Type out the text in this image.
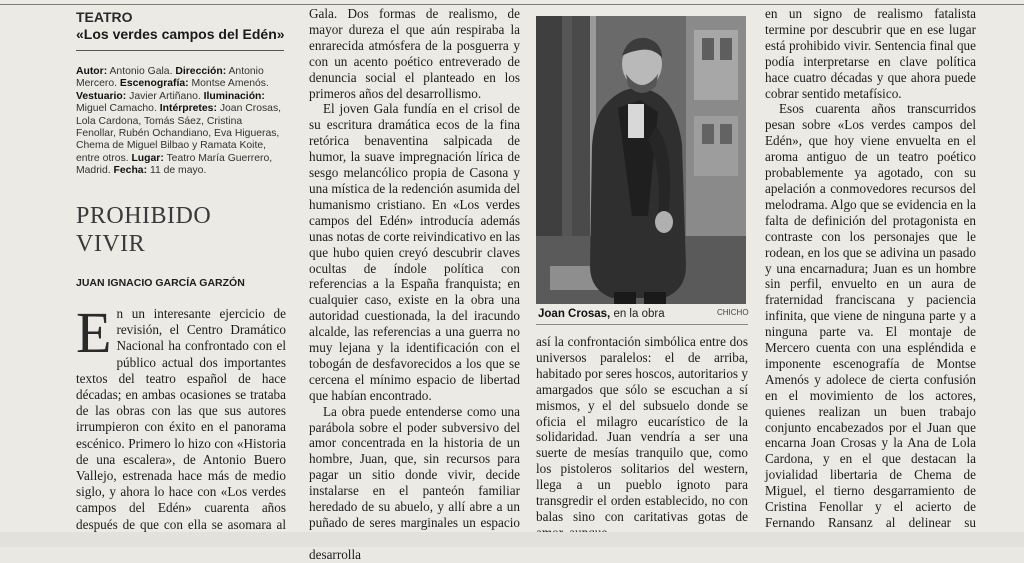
TEATRO
«Los verdes campos del Edén»
Autor: Antonio Gala. Dirección: Antonio Mercero. Escenografía: Montse Amenós. Vestuario: Javier Artiñano. Iluminación: Miguel Camacho. Intérpretes: Joan Crosas, Lola Cardona, Tomás Sáez, Cristina Fenollar, Rubén Ochandiano, Eva Higueras, Chema de Miguel Bilbao y Ramata Koite, entre otros. Lugar: Teatro María Guerrero, Madrid. Fecha: 11 de mayo.
PROHIBIDO VIVIR
JUAN IGNACIO GARCÍA GARZÓN
En un interesante ejercicio de revisión, el Centro Dramático Nacional ha confrontado con el público actual dos importantes textos del teatro español de hace décadas; en ambas ocasiones se trataba de las obras con las que sus autores irrumpieron con éxito en el panorama escénico. Primero lo hizo con «Historia de una escalera», de Antonio Buero Vallejo, estrenada hace más de medio siglo, y ahora lo hace con «Los verdes campos del Edén» cuarenta años después de que con ella se asomara al

Gala. Dos formas de realismo, de mayor dureza el que aún respiraba la enrarecida atmósfera de la posguerra y con un acento poético entreverado de denuncia social el planteado en los primeros años del desarrollismo.

El joven Gala fundía en el crisol de su escritura dramática ecos de la fina retórica benaventina salpicada de humor, la suave impregnación lírica de sesgo melancólico propia de Casona y una mística de la redención asumida del humanismo cristiano. En «Los verdes campos del Edén» introducía además unas notas de corte reivindicativo en las que hubo quien creyó descubrir claves ocultas de índole política con referencias a la España franquista; en cualquier caso, existe en la obra una autoridad cuestionada, la del iracundo alcalde, las referencias a una guerra no muy lejana y la identificación con el tobogán de desfavorecidos a los que se cercena el mínimo espacio de libertad que habían encontrado.

La obra puede entenderse como una parábola sobre el poder subversivo del amor concentrada en la historia de un hombre, Juan, que, sin recursos para pagar un sitio donde vivir, decide instalarse en el panteón familiar heredado de su abuelo, y allí abre a un puñado de seres marginales un espacio desarrolla

Joan Crosas, en la obra	CHICHO

así la confrontación simbólica entre dos universos paralelos: el de arriba, habitado por seres hoscos, autoritarios y amargados que sólo se escuchan a sí mismos, y el del subsuelo donde se oficia el milagro eucarístico de la solidaridad. Juan vendría a ser una suerte de mesías tranquilo que, como los pistoleros solitarios del western, llega a un pueblo ignoto para transgredir el orden establecido, no con balas sino con caritativas gotas de

en un signo de realismo fatalista termine por descubrir que en ese lugar está prohibido vivir. Sentencia final que podía interpretarse en clave política hace cuatro décadas y que ahora puede cobrar sentido metafísico.

Esos cuarenta años transcurridos pesan sobre «Los verdes campos del Edén», que hoy viene envuelta en el aroma antiguo de un teatro poético probablemente ya agotado, con su apelación a conmovedores recursos del melodrama. Algo que se evidencia en la falta de definición del protagonista en contraste con los personajes que le rodean, en los que se adivina un pasado y una encarnadura; Juan es un hombre sin perfil, envuelto en un aura de fraternidad franciscana y paciencia infinita, que viene de ninguna parte y a ninguna parte va. El montaje de Mercero cuenta con una espléndida e imponente escenografía de Montse Amenós y adolece de cierta confusión en el movimiento de los actores, quienes realizan un buen trabajo conjunto encabezados por el Juan que encarna Joan Crosas y la Ana de Lola Cardona, y en el que destacan la jovialidad libertaria de Chema de Miguel, el tierno desgarramiento de Cristina Fenollar y el acierto de Fernando Ransanz al delinear su
